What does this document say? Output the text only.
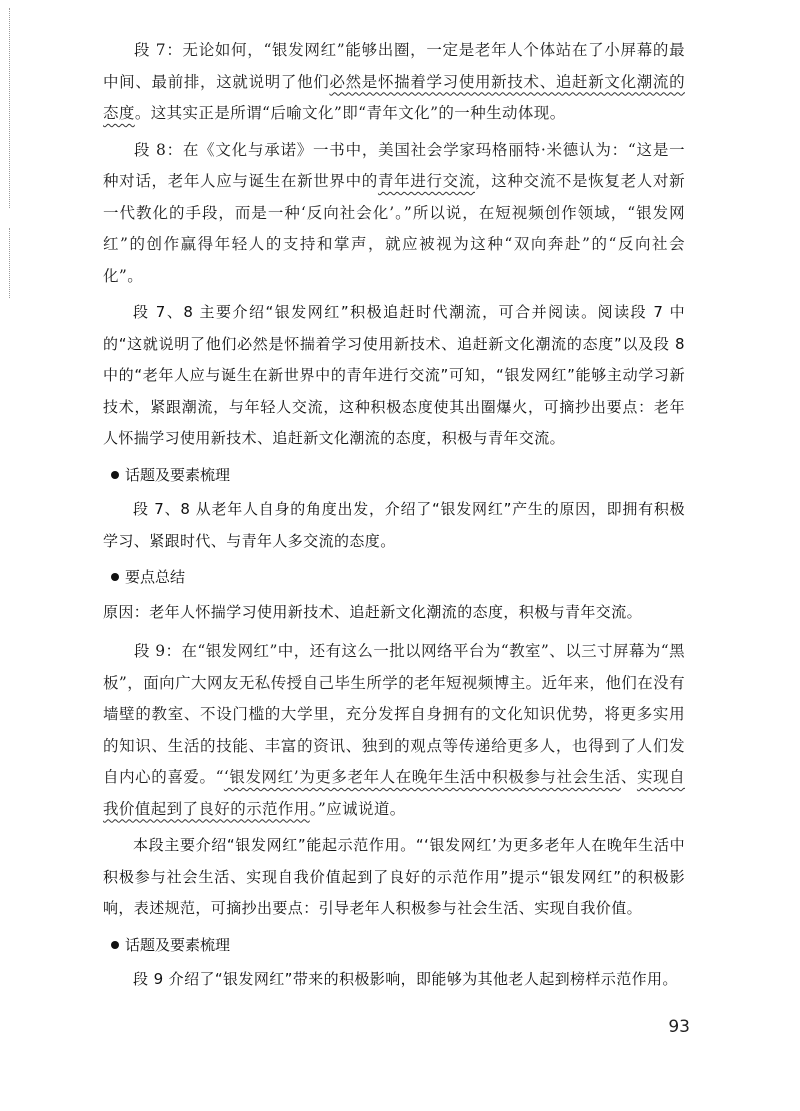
段 7：无论如何，“银发网红”能够出圈，一定是老年人个体站在了小屏幕的最中间、最前排，这就说明了他们必然是怀揣着学习使用新技术、追赶新文化潮流的态度。这其实正是所谓“后喻文化”即“青年文化”的一种生动体现。

段 8：在《文化与承诺》一书中，美国社会学家玛格丽特·米德认为：“这是一种对话，老年人应与诞生在新世界中的青年进行交流，这种交流不是恢复老人对新一代教化的手段，而是一种‘反向社会化’。”所以说，在短视频创作领域，“银发网红”的创作赢得年轻人的支持和掌声，就应被视为这种“双向奔赴”的“反向社会化”。

段 7、8 主要介绍“银发网红”积极追赶时代潮流，可合并阅读。阅读段 7 中的“这就说明了他们必然是怀揣着学习使用新技术、追赶新文化潮流的态度”以及段 8 中的“老年人应与诞生在新世界中的青年进行交流”可知，“银发网红”能够主动学习新技术，紧跟潮流，与年轻人交流，这种积极态度使其出圈爆火，可摘抄出要点：老年人怀揣学习使用新技术、追赶新文化潮流的态度，积极与青年交流。

话题及要素梳理

段 7、8 从老年人自身的角度出发，介绍了“银发网红”产生的原因，即拥有积极学习、紧跟时代、与青年人多交流的态度。

要点总结

原因：老年人怀揣学习使用新技术、追赶新文化潮流的态度，积极与青年交流。

段 9：在“银发网红”中，还有这么一批以网络平台为“教室”、以三寸屏幕为“黑板”，面向广大网友无私传授自己毕生所学的老年短视频博主。近年来，他们在没有墙壁的教室、不设门槛的大学里，充分发挥自身拥有的文化知识优势，将更多实用的知识、生活的技能、丰富的资讯、独到的观点等传递给更多人，也得到了人们发自内心的喜爱。“‘银发网红’为更多老年人在晚年生活中积极参与社会生活、实现自我价值起到了良好的示范作用。”应诚说道。

本段主要介绍“银发网红”能起示范作用。“‘银发网红’为更多老年人在晚年生活中积极参与社会生活、实现自我价值起到了良好的示范作用”提示“银发网红”的积极影响，表述规范，可摘抄出要点：引导老年人积极参与社会生活、实现自我价值。

话题及要素梳理

段 9 介绍了“银发网红”带来的积极影响，即能够为其他老人起到榜样示范作用。

93
